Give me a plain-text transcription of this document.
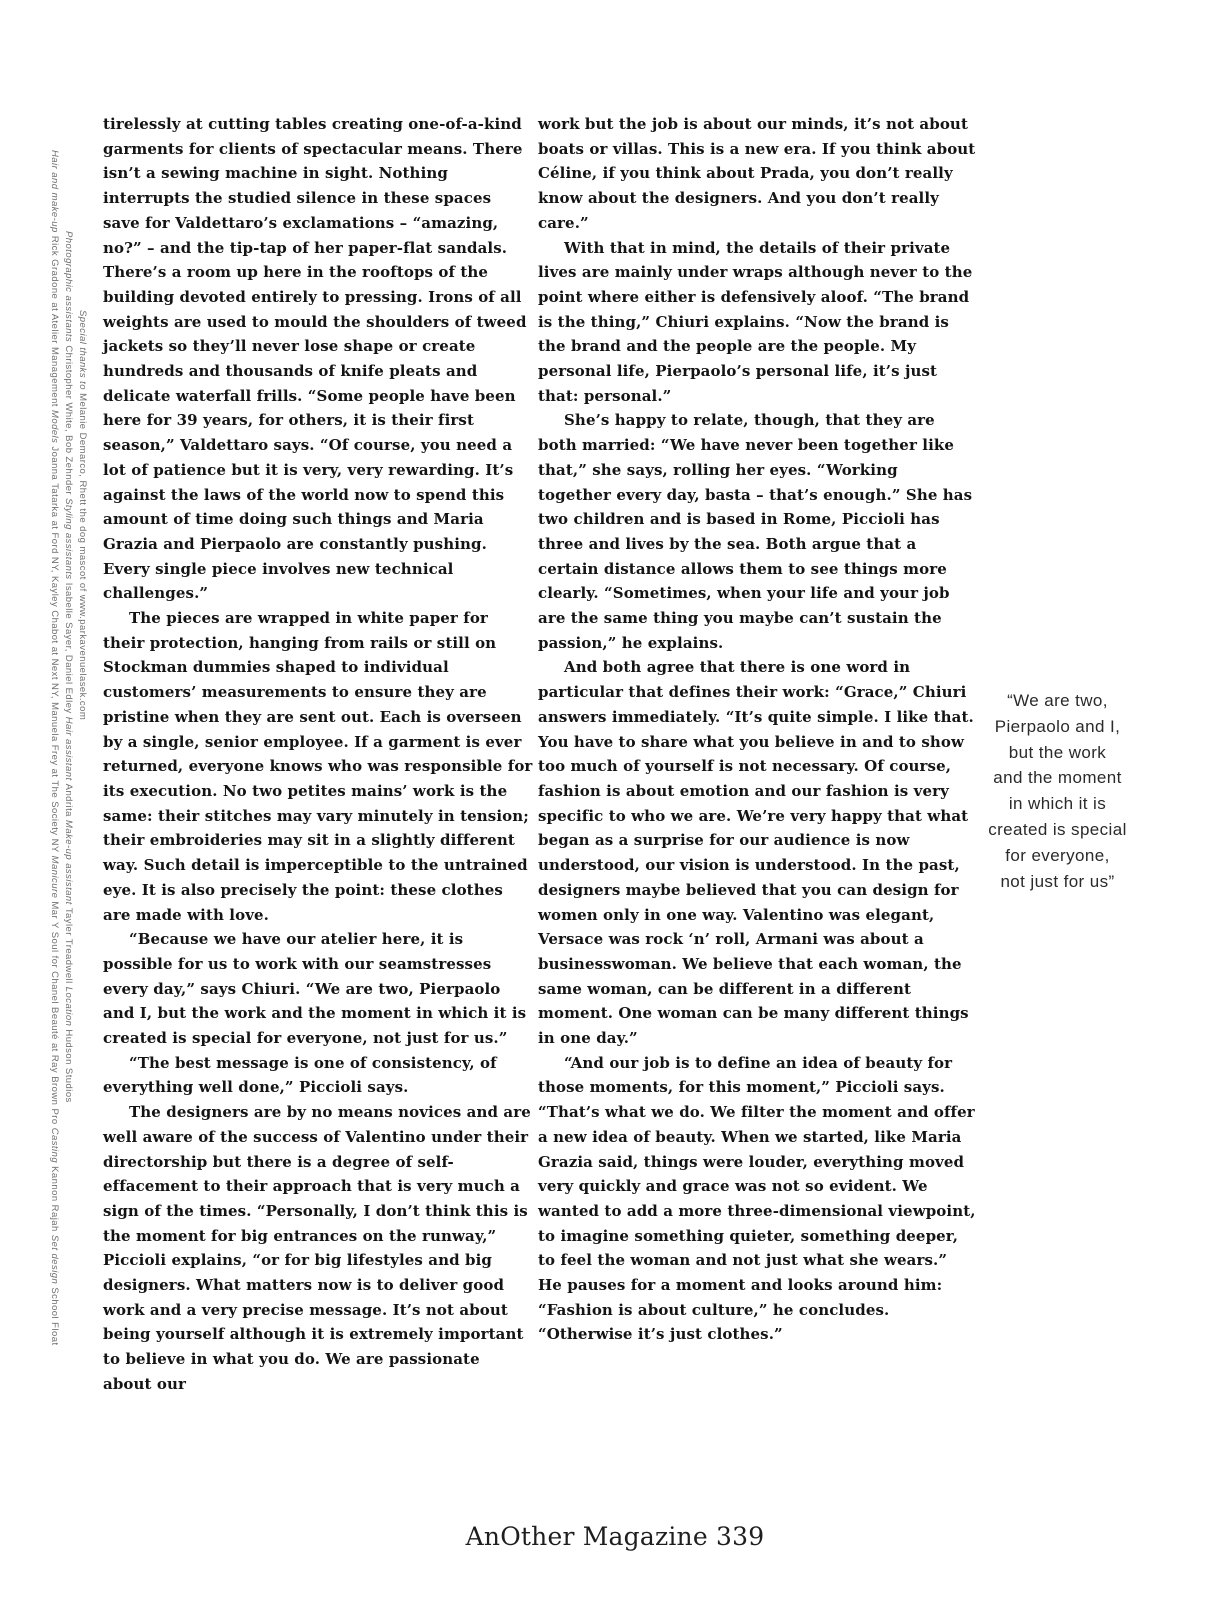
Hair and make-up Rick Gradone at Atelier Management Models Joanna Tatarka at Ford NY, Kayley Chabot at Next NY, Manuela Frey at The Society NY Manicure Mar Y Soul for Chanel Beauté at Ray Brown Pro Casting Kannon Rajah Set design School Float
Photographic assistants Christopher White, Bob Zehnder Styling assistants Isabelle Sayer, Daniel Edley Hair assistant Andrita Make-up assistant Tayler Treadwell Location Hudson Studios
Special thanks to Melanie Demarco, Rhett the dog mascot of www.parkavenuelasek.com

tirelessly at cutting tables creating one-of-a-kind garments for clients of spectacular means. There isn’t a sewing machine in sight. Nothing interrupts the studied silence in these spaces save for Valdettaro’s exclamations – “amazing, no?” – and the tip-tap of her paper-flat sandals. There’s a room up here in the rooftops of the building devoted entirely to pressing. Irons of all weights are used to mould the shoulders of tweed jackets so they’ll never lose shape or create hundreds and thousands of knife pleats and delicate waterfall frills. “Some people have been here for 39 years, for others, it is their first season,” Valdettaro says. “Of course, you need a lot of patience but it is very, very rewarding. It’s against the laws of the world now to spend this amount of time doing such things and Maria Grazia and Pierpaolo are constantly pushing. Every single piece involves new technical challenges.”

The pieces are wrapped in white paper for their protection, hanging from rails or still on Stockman dummies shaped to individual customers’ measurements to ensure they are pristine when they are sent out. Each is overseen by a single, senior employee. If a garment is ever returned, everyone knows who was responsible for its execution. No two petites mains’ work is the same: their stitches may vary minutely in tension; their embroideries may sit in a slightly different way. Such detail is imperceptible to the untrained eye. It is also precisely the point: these clothes are made with love.

“Because we have our atelier here, it is possible for us to work with our seamstresses every day,” says Chiuri. “We are two, Pierpaolo and I, but the work and the moment in which it is created is special for everyone, not just for us.”

“The best message is one of consistency, of everything well done,” Piccioli says.

The designers are by no means novices and are well aware of the success of Valentino under their directorship but there is a degree of self-effacement to their approach that is very much a sign of the times. “Personally, I don’t think this is the moment for big entrances on the runway,” Piccioli explains, “or for big lifestyles and big designers. What matters now is to deliver good work and a very precise message. It’s not about being yourself although it is extremely important to believe in what you do. We are passionate about our

work but the job is about our minds, it’s not about boats or villas. This is a new era. If you think about Céline, if you think about Prada, you don’t really know about the designers. And you don’t really care.”

With that in mind, the details of their private lives are mainly under wraps although never to the point where either is defensively aloof. “The brand is the thing,” Chiuri explains. “Now the brand is the brand and the people are the people. My personal life, Pierpaolo’s personal life, it’s just that: personal.”

She’s happy to relate, though, that they are both married: “We have never been together like that,” she says, rolling her eyes. “Working together every day, basta – that’s enough.” She has two children and is based in Rome, Piccioli has three and lives by the sea. Both argue that a certain distance allows them to see things more clearly. “Sometimes, when your life and your job are the same thing you maybe can’t sustain the passion,” he explains.

And both agree that there is one word in particular that defines their work: “Grace,” Chiuri answers immediately. “It’s quite simple. I like that. You have to share what you believe in and to show too much of yourself is not necessary. Of course, fashion is about emotion and our fashion is very specific to who we are. We’re very happy that what began as a surprise for our audience is now understood, our vision is understood. In the past, designers maybe believed that you can design for women only in one way. Valentino was elegant, Versace was rock ‘n’ roll, Armani was about a businesswoman. We believe that each woman, the same woman, can be different in a different moment. One woman can be many different things in one day.”

“And our job is to define an idea of beauty for those moments, for this moment,” Piccioli says. “That’s what we do. We filter the moment and offer a new idea of beauty. When we started, like Maria Grazia said, things were louder, everything moved very quickly and grace was not so evident. We wanted to add a more three-dimensional viewpoint, to imagine something quieter, something deeper, to feel the woman and not just what she wears.” He pauses for a moment and looks around him: “Fashion is about culture,” he concludes. “Otherwise it’s just clothes.”

“We are two,
Pierpaolo and I,
but the work
and the moment
in which it is
created is special
for everyone,
not just for us”
AnOther Magazine 339
